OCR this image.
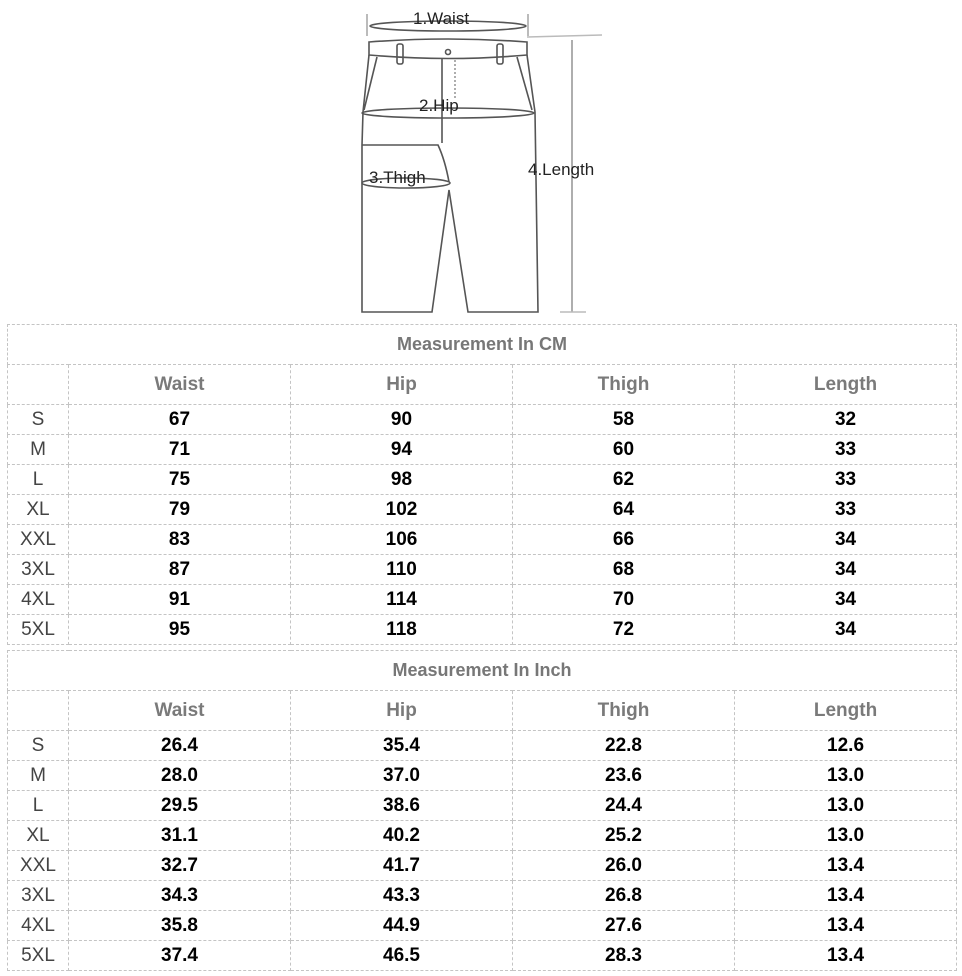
1.Waist
2.Hip
3.Thigh	4.Length
Measurement In CM				
	Waist	Hip	Thigh	Length
S	67	90	58	32
M	71	94	60	33
L	75	98	62	33
XL	79	102	64	33
XXL	83	106	66	34
3XL	87	110	68	34
4XL	91	114	70	34
5XL	95	118	72	34
Measurement In Inch				
	Waist	Hip	Thigh	Length
S	26.4	35.4	22.8	12.6
M	28.0	37.0	23.6	13.0
L	29.5	38.6	24.4	13.0
XL	31.1	40.2	25.2	13.0
XXL	32.7	41.7	26.0	13.4
3XL	34.3	43.3	26.8	13.4
4XL	35.8	44.9	27.6	13.4
5XL	37.4	46.5	28.3	13.4
